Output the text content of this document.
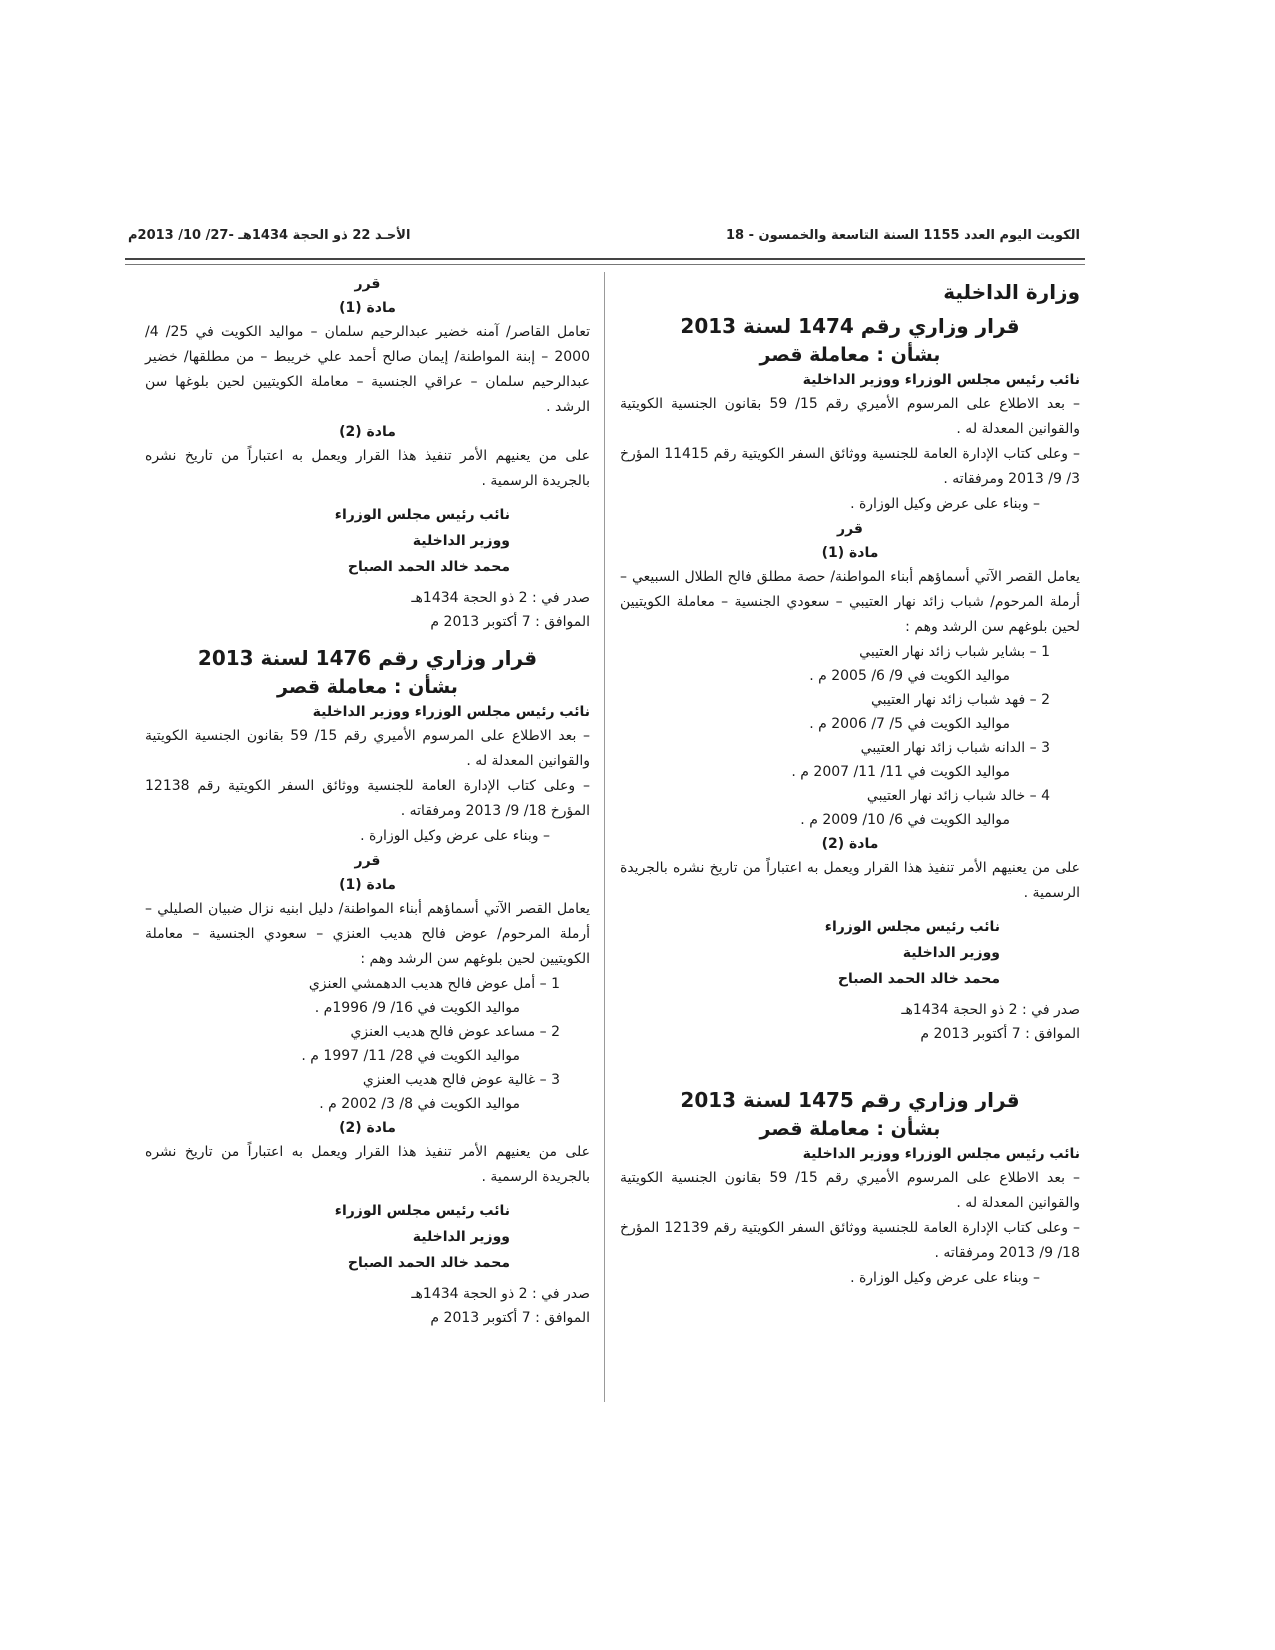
الكويت اليوم العدد 1155 السنة التاسعة والخمسون - 18
الأحـد 22 ذو الحجة 1434هـ -27/ 10/ 2013م
وزارة الداخلية
قرار وزاري رقم 1474 لسنة 2013
بشأن : معاملة قصر
نائب رئيس مجلس الوزراء ووزير الداخلية

– بعد الاطلاع على المرسوم الأميري رقم 15/ 59 بقانون الجنسية الكويتية والقوانين المعدلة له .

– وعلى كتاب الإدارة العامة للجنسية ووثائق السفر الكويتية رقم 11415 المؤرخ 3/ 9/ 2013 ومرفقاته .

– وبناء على عرض وكيل الوزارة .

قرر

مادة (1)

يعامل القصر الآتي أسماؤهم أبناء المواطنة/ حصة مطلق فالح الطلال السبيعي – أرملة المرحوم/ شباب زائد نهار العتيبي – سعودي الجنسية – معاملة الكويتيين لحين بلوغهم سن الرشد وهم :

1 – بشاير شباب زائد نهار العتيبي

مواليد الكويت في 9/ 6/ 2005 م .

2 – فهد شباب زائد نهار العتيبي

مواليد الكويت في 5/ 7/ 2006 م .

3 – الدانه شباب زائد نهار العتيبي

مواليد الكويت في 11/ 11/ 2007 م .

4 – خالد شباب زائد نهار العتيبي

مواليد الكويت في 6/ 10/ 2009 م .

مادة (2)

على من يعنيهم الأمر تنفيذ هذا القرار ويعمل به اعتباراً من تاريخ نشره بالجريدة الرسمية .

نائب رئيس مجلس الوزراء
ووزير الداخلية
محمد خالد الحمد الصباح

صدر في : 2 ذو الحجة 1434هـ

الموافق : 7 أكتوبر 2013 م

قرار وزاري رقم 1475 لسنة 2013
بشأن : معاملة قصر
نائب رئيس مجلس الوزراء ووزير الداخلية

– بعد الاطلاع على المرسوم الأميري رقم 15/ 59 بقانون الجنسية الكويتية والقوانين المعدلة له .

– وعلى كتاب الإدارة العامة للجنسية ووثائق السفر الكويتية رقم 12139 المؤرخ 18/ 9/ 2013 ومرفقاته .

– وبناء على عرض وكيل الوزارة .

قرر

مادة (1)

تعامل القاصر/ آمنه خضير عبدالرحيم سلمان – مواليد الكويت في 25/ 4/ 2000 – إبنة المواطنة/ إيمان صالح أحمد علي خريبط – من مطلقها/ خضير عبدالرحيم سلمان – عراقي الجنسية – معاملة الكويتيين لحين بلوغها سن الرشد .

مادة (2)

على من يعنيهم الأمر تنفيذ هذا القرار ويعمل به اعتباراً من تاريخ نشره بالجريدة الرسمية .

نائب رئيس مجلس الوزراء
ووزير الداخلية
محمد خالد الحمد الصباح

صدر في : 2 ذو الحجة 1434هـ

الموافق : 7 أكتوبر 2013 م

قرار وزاري رقم 1476 لسنة 2013
بشأن : معاملة قصر
نائب رئيس مجلس الوزراء ووزير الداخلية

– بعد الاطلاع على المرسوم الأميري رقم 15/ 59 بقانون الجنسية الكويتية والقوانين المعدلة له .

– وعلى كتاب الإدارة العامة للجنسية ووثائق السفر الكويتية رقم 12138 المؤرخ 18/ 9/ 2013 ومرفقاته .

– وبناء على عرض وكيل الوزارة .

قرر

مادة (1)

يعامل القصر الآتي أسماؤهم أبناء المواطنة/ دليل ابنيه نزال ضبيان الصليلي – أرملة المرحوم/ عوض فالح هديب العنزي – سعودي الجنسية – معاملة الكويتيين لحين بلوغهم سن الرشد وهم :

1 – أمل عوض فالح هديب الدهمشي العنزي

مواليد الكويت في 16/ 9/ 1996م .

2 – مساعد عوض فالح هديب العنزي

مواليد الكويت في 28/ 11/ 1997 م .

3 – غالية عوض فالح هديب العنزي

مواليد الكويت في 8/ 3/ 2002 م .

مادة (2)

على من يعنيهم الأمر تنفيذ هذا القرار ويعمل به اعتباراً من تاريخ نشره بالجريدة الرسمية .

نائب رئيس مجلس الوزراء
ووزير الداخلية
محمد خالد الحمد الصباح

صدر في : 2 ذو الحجة 1434هـ

الموافق : 7 أكتوبر 2013 م
